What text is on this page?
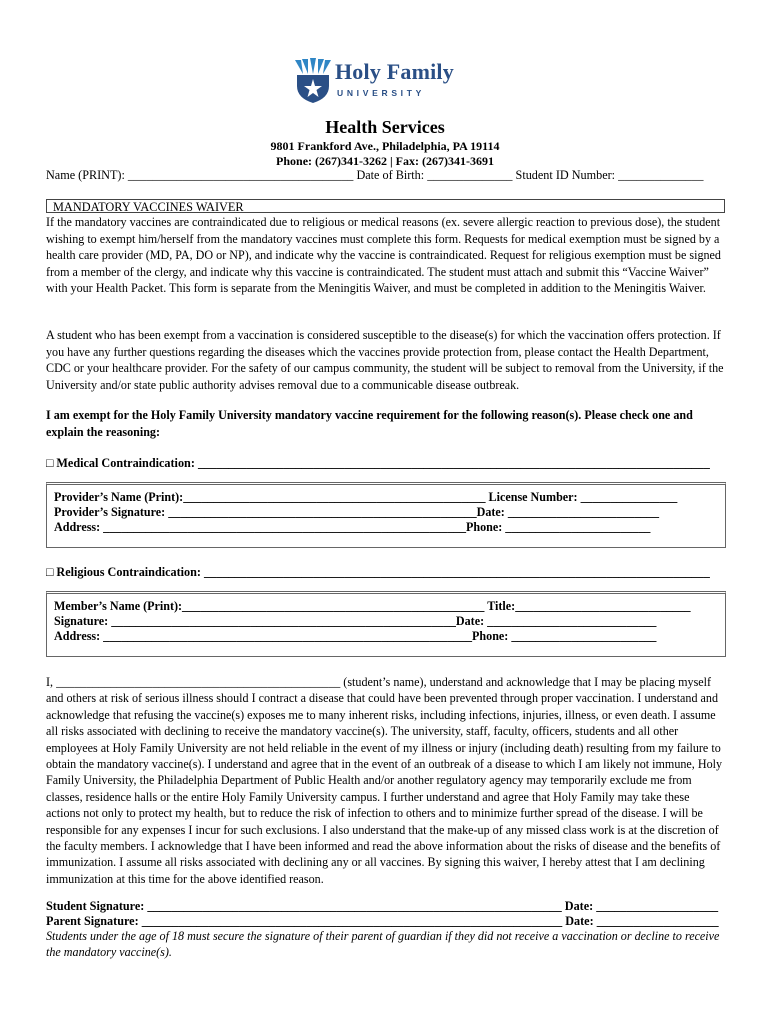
Holy Family
UNIVERSITY
Health Services
9801 Frankford Ave., Philadelphia, PA 19114
Phone: (267)341-3262 | Fax: (267)341-3691
Name (PRINT): _____________________________________ Date of Birth: ______________ Student ID Number: ______________
MANDATORY VACCINES WAIVER

If the mandatory vaccines are contraindicated due to religious or medical reasons (ex. severe allergic reaction to previous dose), the student wishing to exempt him/herself from the mandatory vaccines must complete this form. Requests for medical exemption must be signed by a health care provider (MD, PA, DO or NP), and indicate why the vaccine is contraindicated. Request for religious exemption must be signed from a member of the clergy, and indicate why this vaccine is contraindicated. The student must attach and submit this “Vaccine Waiver” with your Health Packet. This form is separate from the Meningitis Waiver, and must be completed in addition to the Meningitis Waiver.

A student who has been exempt from a vaccination is considered susceptible to the disease(s) for which the vaccination offers protection. If you have any further questions regarding the diseases which the vaccines provide protection from, please contact the Health Department, CDC or your healthcare provider. For the safety of our campus community, the student will be subject to removal from the University, if the University and/or state public authority advises removal due to a communicable disease outbreak.

I am exempt for the Holy Family University mandatory vaccine requirement for the following reason(s). Please check one and explain the reasoning:

□ Medical Contraindication: ____________________________________________________________________________________
Provider’s Name (Print):__________________________________________________ License Number: ________________
Provider’s Signature: ___________________________________________________Date: _________________________
Address: ____________________________________________________________Phone: ________________________
□ Religious Contraindication: ___________________________________________________________________________________
Member’s Name (Print):__________________________________________________ Title:_____________________________
Signature: _________________________________________________________Date: ____________________________
Address: _____________________________________________________________Phone: ________________________

I, _______________________________________________ (student’s name), understand and acknowledge that I may be placing myself and others at risk of serious illness should I contract a disease that could have been prevented through proper vaccination. I understand and acknowledge that refusing the vaccine(s) exposes me to many inherent risks, including infections, injuries, illness, or even death. I assume all risks associated with declining to receive the mandatory vaccine(s). The university, staff, faculty, officers, students and all other employees at Holy Family University are not held reliable in the event of my illness or injury (including death) resulting from my failure to obtain the mandatory vaccine(s). I understand and agree that in the event of an outbreak of a disease to which I am likely not immune, Holy Family University, the Philadelphia Department of Public Health and/or another regulatory agency may temporarily exclude me from classes, residence halls or the entire Holy Family University campus. I further understand and agree that Holy Family may take these actions not only to protect my health, but to reduce the risk of infection to others and to minimize further spread of the disease. I will be responsible for any expenses I incur for such exclusions. I also understand that the make-up of any missed class work is at the discretion of the faculty members. I acknowledge that I have been informed and read the above information about the risks of disease and the benefits of immunization. I assume all risks associated with declining any or all vaccines. By signing this waiver, I hereby attest that I am declining immunization at this time for the above identified reason.

Student Signature: ____________________________________________________________________ Date: ____________________
Parent Signature: _____________________________________________________________________ Date: ____________________

Students under the age of 18 must secure the signature of their parent of guardian if they did not receive a vaccination or decline to receive the mandatory vaccine(s).
